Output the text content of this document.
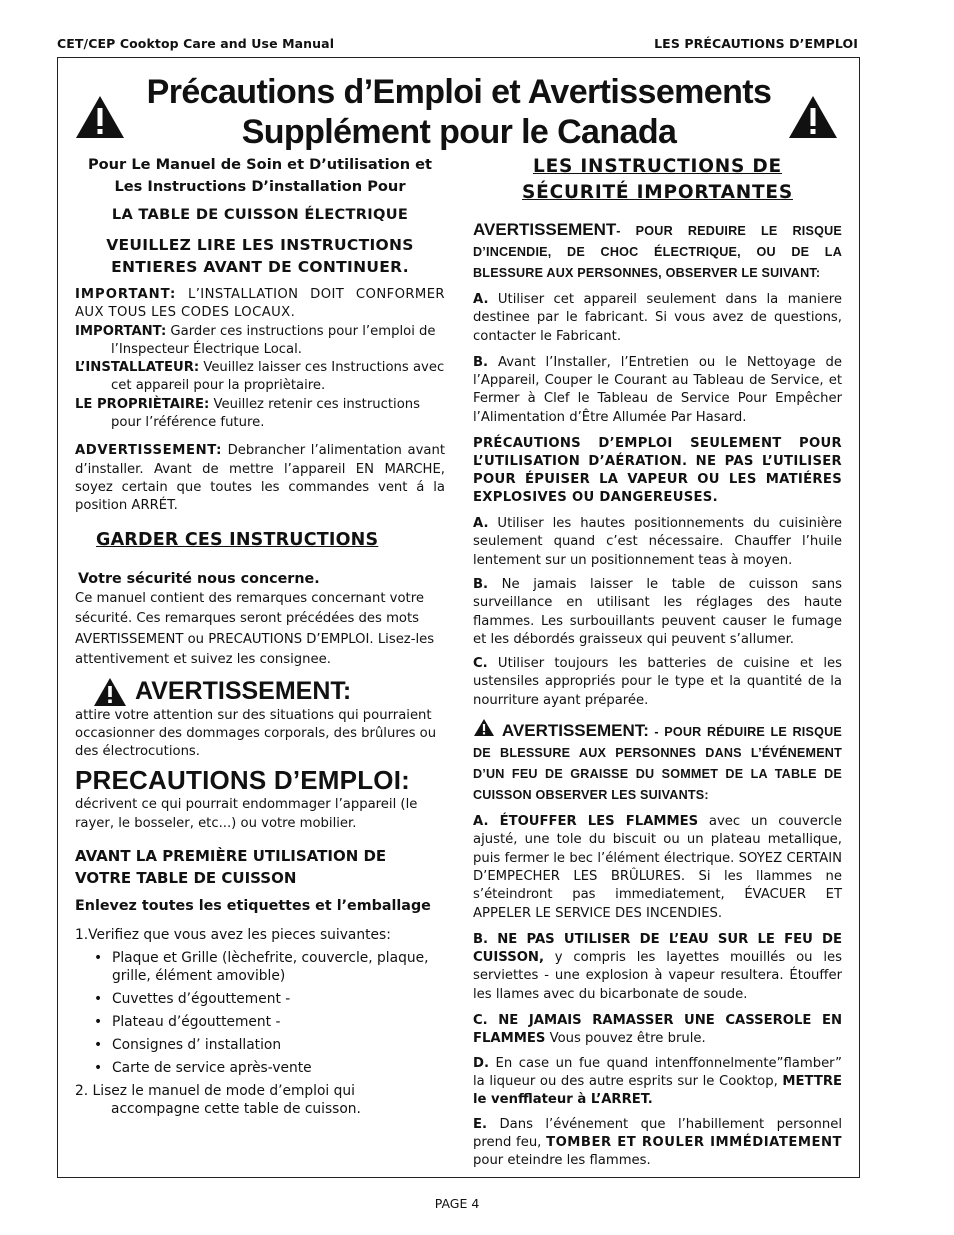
CET/CEP Cooktop Care and Use Manual	LES PRÉCAUTIONS D’EMPLOI
Précautions d’Emploi et Avertissements
Supplément pour le Canada
Pour Le Manuel de Soin et D’utilisation et
Les Instructions D’installation Pour
LA TABLE DE CUISSON ÉLECTRIQUE
VEUILLEZ LIRE LES INSTRUCTIONS
ENTIERES AVANT DE CONTINUER.
IMPORTANT: L’INSTALLATION DOIT CONFORMER AUX TOUS LES CODES LOCAUX.
IMPORTANT: Garder ces instructions pour l’emploi de l’Inspecteur Électrique Local.
L’INSTALLATEUR: Veuillez laisser ces Instructions avec cet appareil pour la propriètaire.
LE PROPRIÈTAIRE: Veuillez retenir ces instructions pour l’référence future.
ADVERTISSEMENT: Debrancher l’alimentation avant d’installer. Avant de mettre l’appareil EN MARCHE, soyez certain que toutes les commandes vent á la position ARRÉT.
GARDER CES INSTRUCTIONS
Votre sécurité nous concerne.
Ce manuel contient des remarques concernant votre sécurité. Ces remarques seront précédées des mots AVERTISSEMENT ou PRECAUTIONS D’EMPLOI. Lisez-les attentivement et suivez les consignee.
AVERTISSEMENT:
attire votre attention sur des situations qui pourraient occasionner des dommages corporals, des brûlures ou des électrocutions.
PRECAUTIONS D’EMPLOI:
décrivent ce qui pourrait endommager l’appareil (le rayer, le bosseler, etc...) ou votre mobilier.
AVANT LA PREMIÈRE UTILISATION DE
VOTRE TABLE DE CUISSON
Enlevez toutes les etiquettes et l’emballage
1.Verifiez que vous avez les pieces suivantes:
• Plaque et Grille (lèchefrite, couvercle, plaque, grille, élément amovible)
• Cuvettes d’égouttement -
• Plateau d’égouttement -
• Consignes d’ installation
• Carte de service après-vente
2. Lisez le manuel de mode d’emploi qui accompagne cette table de cuisson.
LES INSTRUCTIONS DE
SÉCURITÉ IMPORTANTES
AVERTISSEMENT- POUR REDUIRE LE RISQUE D’INCENDIE, DE CHOC ÉLECTRIQUE, OU DE LA BLESSURE AUX PERSONNES, OBSERVER LE SUIVANT:
A. Utiliser cet appareil seulement dans la maniere destinee par le fabricant. Si vous avez de questions, contacter le Fabricant.
B. Avant l’Installer, l’Entretien ou le Nettoyage de l’Appareil, Couper le Courant au Tableau de Service, et Fermer à Clef le Tableau de Service Pour Empêcher l’Alimentation d’Être Allumée Par Hasard.
PRÉCAUTIONS D’EMPLOI SEULEMENT POUR L’UTILISATION D’AÉRATION. NE PAS L’UTILISER POUR ÉPUISER LA VAPEUR OU LES MATIÉRES EXPLOSIVES OU DANGEREUSES.
A. Utiliser les hautes positionnements du cuisinière seulement quand c’est nécessaire. Chauffer l’huile lentement sur un positionnement teas à moyen.
B. Ne jamais laisser le table de cuisson sans surveillance en utilisant les réglages des haute flammes. Les surbouillants peuvent causer le fumage et les débordés graisseux qui peuvent s’allumer.
C. Utiliser toujours les batteries de cuisine et les ustensiles appropriés pour le type et la quantité de la nourriture ayant préparée.
AVERTISSEMENT: - POUR RÉDUIRE LE RISQUE DE BLESSURE AUX PERSONNES DANS L’ÉVÉNEMENT D’UN FEU DE GRAISSE DU SOMMET DE LA TABLE DE CUISSON OBSERVER LES SUIVANTS:
A. ÉTOUFFER LES FLAMMES avec un couvercle ajusté, une tole du biscuit ou un plateau metallique, puis fermer le bec l’élément électrique. SOYEZ CERTAIN D’EMPECHER LES BRÛLURES. Si les llammes ne s’éteindront pas immediatement, ÉVACUER ET APPELER LE SERVICE DES INCENDIES.
B. NE PAS UTILISER DE L’EAU SUR LE FEU DE CUISSON, y compris les layettes mouillés ou les serviettes - une explosion à vapeur resultera. Étouffer les llames avec du bicarbonate de soude.
C. NE JAMAIS RAMASSER UNE CASSEROLE EN FLAMMES Vous pouvez être brule.
D. En case un fue quand intenffonnelmente”flamber” la liqueur ou des autre esprits sur le Cooktop, METTRE le venfflateur à L’ARRET.
E. Dans l’événement que l’habillement personnel prend feu, TOMBER ET ROULER IMMÉDIATEMENT pour eteindre les flammes.
PAGE 4
